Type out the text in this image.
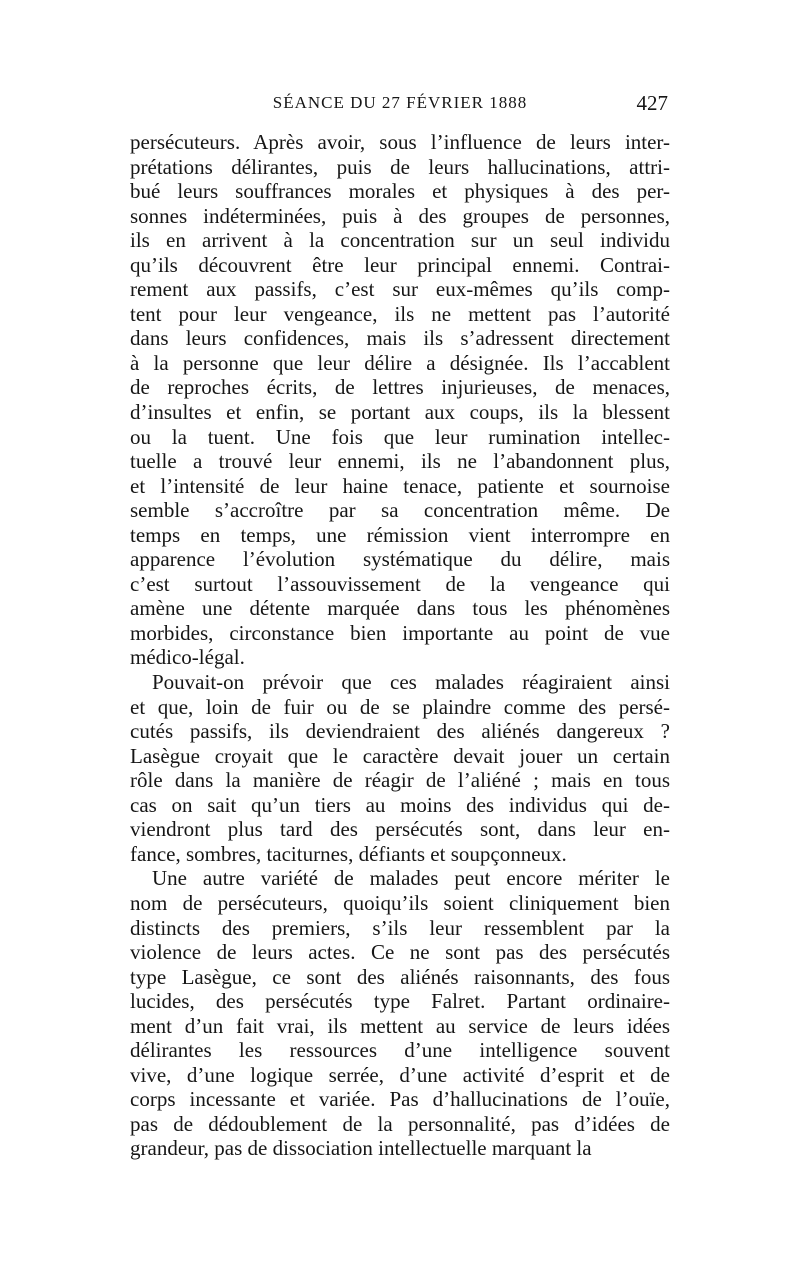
SÉANCE DU 27 FÉVRIER 1888	427
persécuteurs. Après avoir, sous l’influence de leurs inter-
prétations délirantes, puis de leurs hallucinations, attri-
bué leurs souffrances morales et physiques à des per-
sonnes indéterminées, puis à des groupes de personnes,
ils en arrivent à la concentration sur un seul individu
qu’ils découvrent être leur principal ennemi. Contrai-
rement aux passifs, c’est sur eux-mêmes qu’ils comp-
tent pour leur vengeance, ils ne mettent pas l’autorité
dans leurs confidences, mais ils s’adressent directement
à la personne que leur délire a désignée. Ils l’accablent
de reproches écrits, de lettres injurieuses, de menaces,
d’insultes et enfin, se portant aux coups, ils la blessent
ou la tuent. Une fois que leur rumination intellec-
tuelle a trouvé leur ennemi, ils ne l’abandonnent plus,
et l’intensité de leur haine tenace, patiente et sournoise
semble s’accroître par sa concentration même. De
temps en temps, une rémission vient interrompre en
apparence l’évolution systématique du délire, mais
c’est surtout l’assouvissement de la vengeance qui
amène une détente marquée dans tous les phénomènes
morbides, circonstance bien importante au point de vue
médico-légal.
Pouvait-on prévoir que ces malades réagiraient ainsi
et que, loin de fuir ou de se plaindre comme des persé-
cutés passifs, ils deviendraient des aliénés dangereux ?
Lasègue croyait que le caractère devait jouer un certain
rôle dans la manière de réagir de l’aliéné ; mais en tous
cas on sait qu’un tiers au moins des individus qui de-
viendront plus tard des persécutés sont, dans leur en-
fance, sombres, taciturnes, défiants et soupçonneux.
Une autre variété de malades peut encore mériter le
nom de persécuteurs, quoiqu’ils soient cliniquement bien
distincts des premiers, s’ils leur ressemblent par la
violence de leurs actes. Ce ne sont pas des persécutés
type Lasègue, ce sont des aliénés raisonnants, des fous
lucides, des persécutés type Falret. Partant ordinaire-
ment d’un fait vrai, ils mettent au service de leurs idées
délirantes les ressources d’une intelligence souvent
vive, d’une logique serrée, d’une activité d’esprit et de
corps incessante et variée. Pas d’hallucinations de l’ouïe,
pas de dédoublement de la personnalité, pas d’idées de
grandeur, pas de dissociation intellectuelle marquant la
